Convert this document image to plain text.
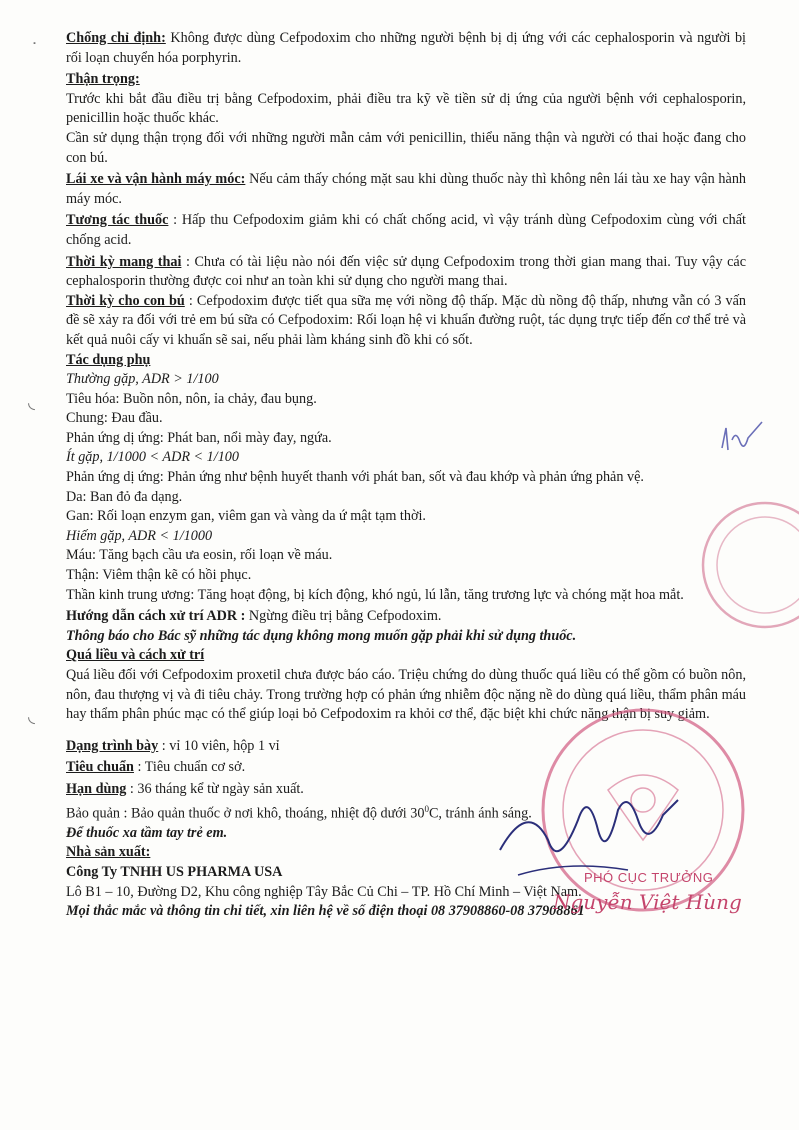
˙
◟
◟

Chống chỉ định: Không được dùng Cefpodoxim cho những người bệnh bị dị ứng với các cephalosporin và người bị rối loạn chuyển hóa porphyrin.

Thận trọng:

Trước khi bắt đầu điều trị bằng Cefpodoxim, phải điều tra kỹ về tiền sử dị ứng của người bệnh với cephalosporin, penicillin hoặc thuốc khác.

Cần sử dụng thận trọng đối với những người mẫn cảm với penicillin, thiểu năng thận và người có thai hoặc đang cho con bú.

Lái xe và vận hành máy móc: Nếu cảm thấy chóng mặt sau khi dùng thuốc này thì không nên lái tàu xe hay vận hành máy móc.

Tương tác thuốc : Hấp thu Cefpodoxim giảm khi có chất chống acid, vì vậy tránh dùng Cefpodoxim cùng với chất chống acid.

Thời kỳ mang thai : Chưa có tài liệu nào nói đến việc sử dụng Cefpodoxim trong thời gian mang thai. Tuy vậy các cephalosporin thường được coi như an toàn khi sử dụng cho người mang thai.

Thời kỳ cho con bú : Cefpodoxim được tiết qua sữa mẹ với nồng độ thấp. Mặc dù nồng độ thấp, nhưng vẫn có 3 vấn đề sẽ xảy ra đối với trẻ em bú sữa có Cefpodoxim: Rối loạn hệ vi khuẩn đường ruột, tác dụng trực tiếp đến cơ thể trẻ và kết quả nuôi cấy vi khuẩn sẽ sai, nếu phải làm kháng sinh đồ khi có sốt.

Tác dụng phụ

Thường gặp, ADR > 1/100

Tiêu hóa: Buồn nôn, nôn, ỉa chảy, đau bụng.

Chung: Đau đầu.

Phản ứng dị ứng: Phát ban, nổi mày đay, ngứa.

Ít gặp, 1/1000 < ADR < 1/100

Phản ứng dị ứng: Phản ứng như bệnh huyết thanh với phát ban, sốt và đau khớp và phản ứng phản vệ.

Da: Ban đỏ đa dạng.

Gan: Rối loạn enzym gan, viêm gan và vàng da ứ mật tạm thời.

Hiếm gặp, ADR < 1/1000

Máu: Tăng bạch cầu ưa eosin, rối loạn về máu.

Thận: Viêm thận kẽ có hồi phục.

Thần kinh trung ương: Tăng hoạt động, bị kích động, khó ngủ, lú lẫn, tăng trương lực và chóng mặt hoa mắt.

Hướng dẫn cách xử trí ADR : Ngừng điều trị bằng Cefpodoxim.

Thông báo cho Bác sỹ những tác dụng không mong muốn gặp phải khi sử dụng thuốc.

Quá liều và cách xử trí

Quá liều đối với Cefpodoxim proxetil chưa được báo cáo. Triệu chứng do dùng thuốc quá liều có thể gồm có buồn nôn, nôn, đau thượng vị và đi tiêu chảy. Trong trường hợp có phản ứng nhiễm độc nặng nề do dùng quá liều, thẩm phân máu hay thẩm phân phúc mạc có thể giúp loại bỏ Cefpodoxim ra khỏi cơ thể, đặc biệt khi chức năng thận bị suy giảm.

Dạng trình bày : vỉ 10 viên, hộp 1 vỉ

Tiêu chuẩn : Tiêu chuẩn cơ sở.

Hạn dùng : 36 tháng kể từ ngày sản xuất.

Bảo quản : Bảo quản thuốc ở nơi khô, thoáng, nhiệt độ dưới $30^0C$, tránh ánh sáng.

Để thuốc xa tầm tay trẻ em.

Nhà sản xuất:

Công Ty TNHH US PHARMA USA

Lô B1 – 10, Đường D2, Khu công nghiệp Tây Bắc Củ Chi – TP. Hồ Chí Minh – Việt Nam.

Mọi thắc mắc và thông tin chi tiết, xin liên hệ về số điện thoại 08 37908860-08 37908861

PHÓ CỤC TRƯỞNG
Nguyễn Việt Hùng
